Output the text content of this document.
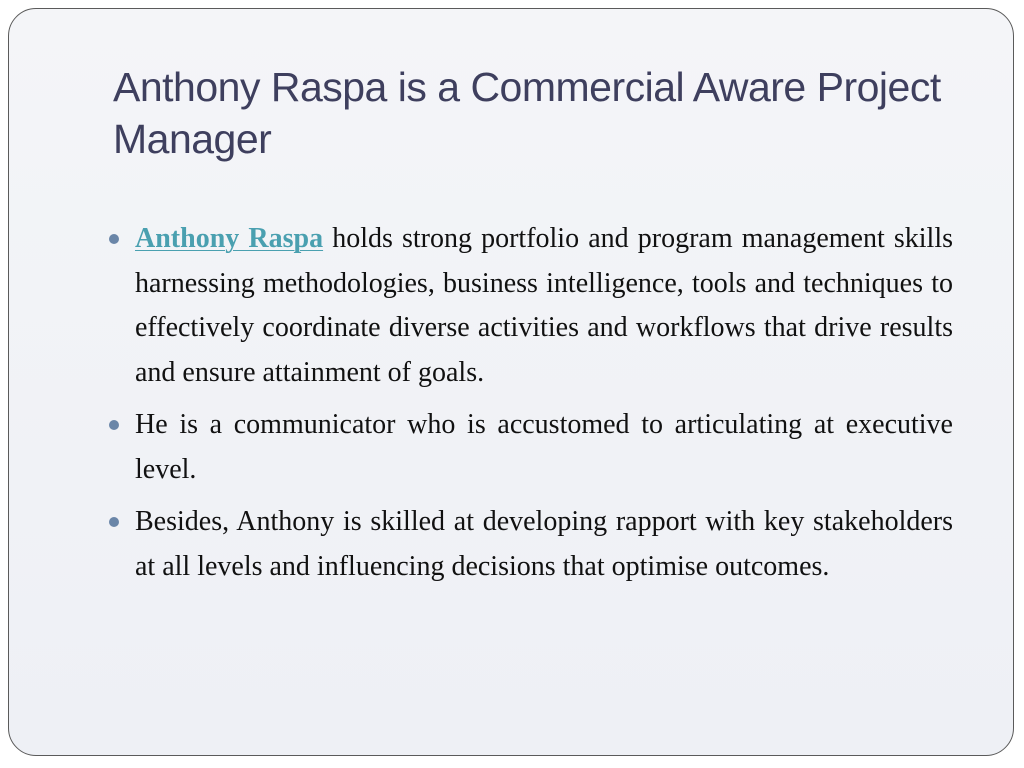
Anthony Raspa is a Commercial Aware Project Manager
Anthony Raspa holds strong portfolio and program management skills harnessing methodologies, business intelligence, tools and techniques to effectively coordinate diverse activities and workflows that drive results and ensure attainment of goals.
He is a communicator who is accustomed to articulating at executive level.
Besides, Anthony is skilled at developing rapport with key stakeholders at all levels and influencing decisions that optimise outcomes.
